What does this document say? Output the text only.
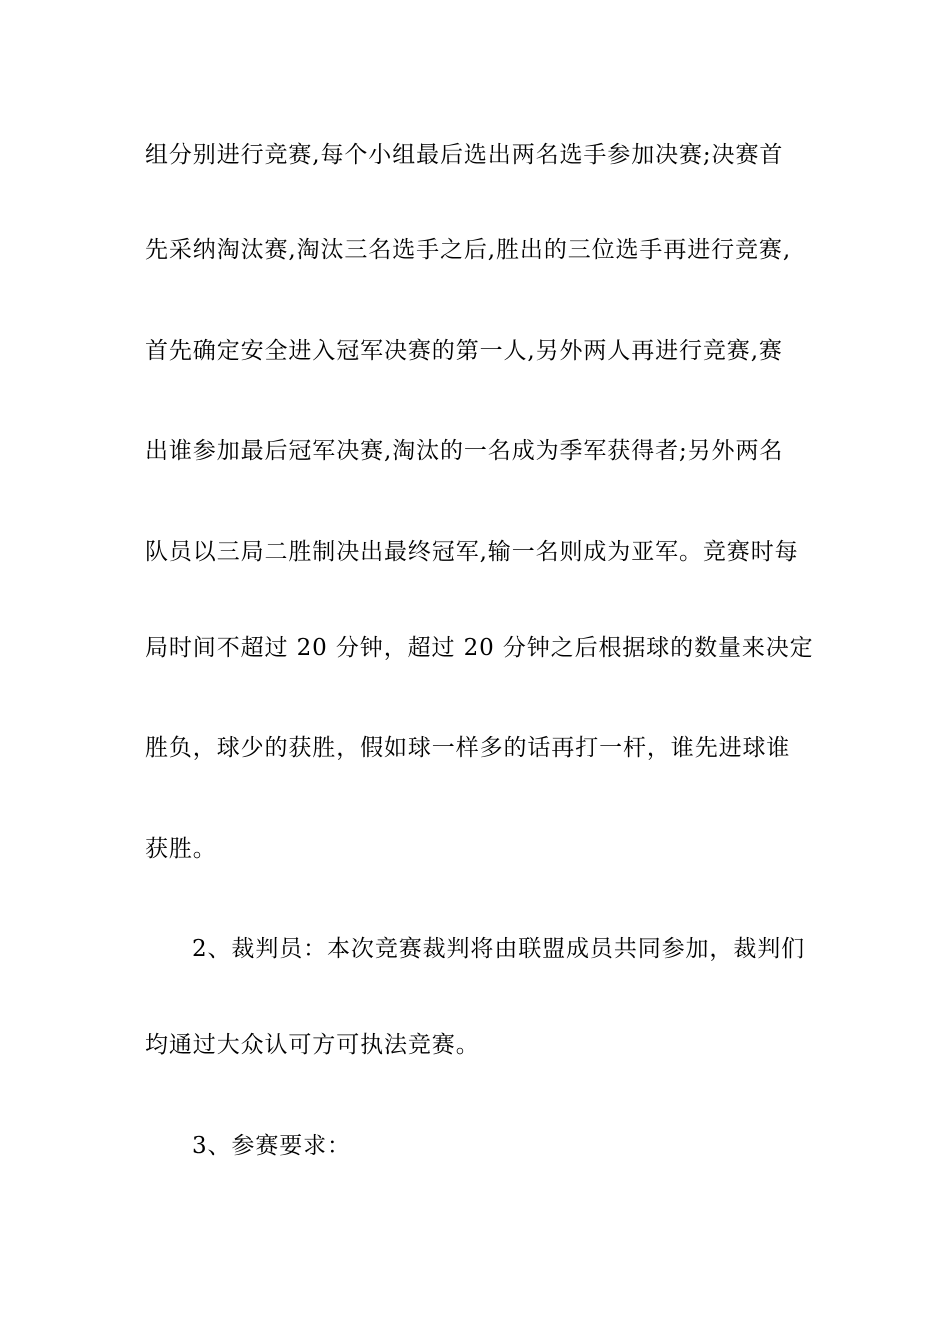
组分别进行竞赛,每个小组最后选出两名选手参加决赛;决赛首
先采纳淘汰赛,淘汰三名选手之后,胜出的三位选手再进行竞赛,
首先确定安全进入冠军决赛的第一人,另外两人再进行竞赛,赛
出谁参加最后冠军决赛,淘汰的一名成为季军获得者;另外两名
队员以三局二胜制决出最终冠军,输一名则成为亚军。竞赛时每
局时间不超过 20 分钟，超过 20 分钟之后根据球的数量来决定
胜负，球少的获胜，假如球一样多的话再打一杆，谁先进球谁
获胜。
2、裁判员：本次竞赛裁判将由联盟成员共同参加，裁判们
均通过大众认可方可执法竞赛。
3、参赛要求：
